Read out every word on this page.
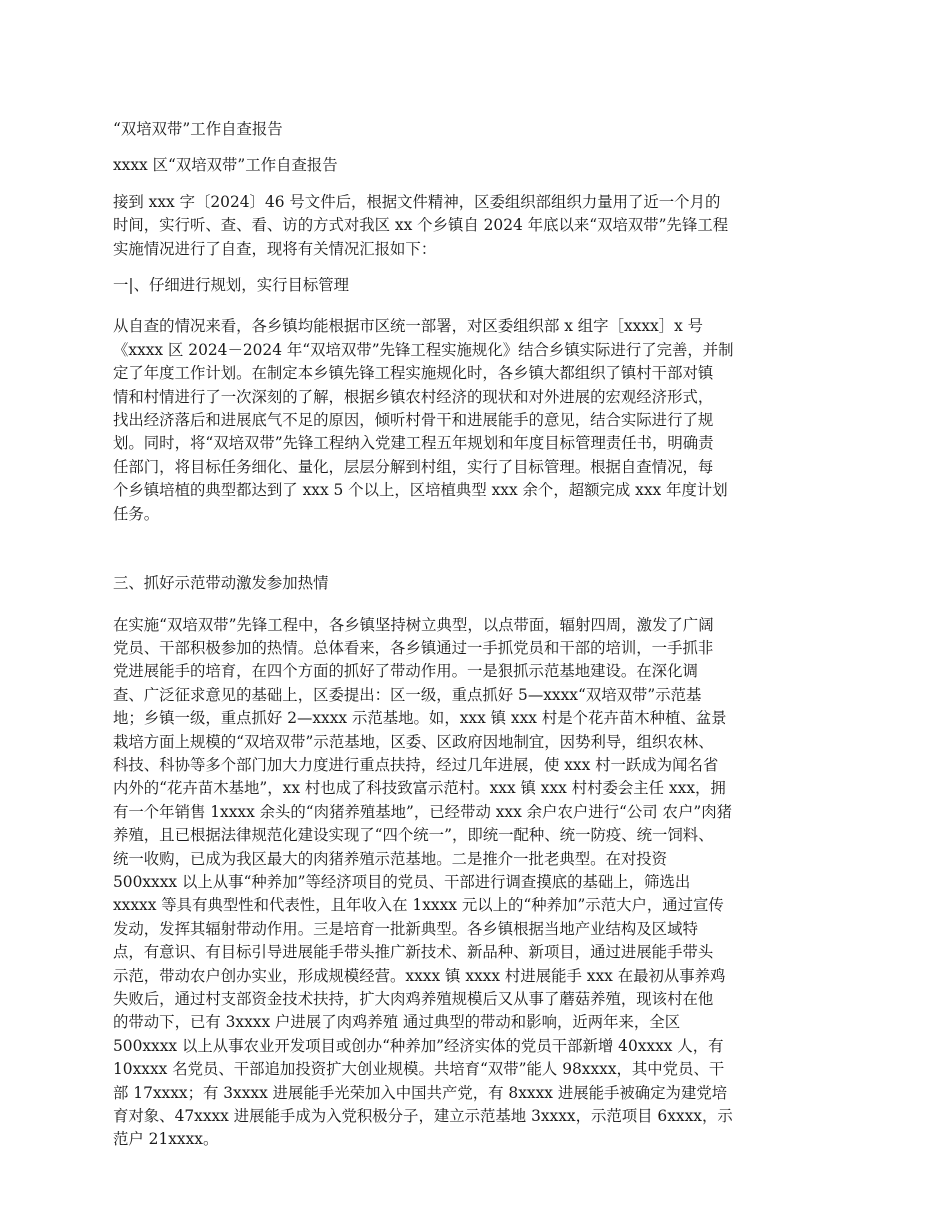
“双培双带”工作自查报告

xxxx 区“双培双带”工作自查报告

接到 xxx 字〔2024〕46 号文件后，根据文件精神，区委组织部组织力量用了近一个月的
时间，实行听、查、看、访的方式对我区 xx 个乡镇自 2024 年底以来“双培双带”先锋工程
实施情况进行了自查，现将有关情况汇报如下：

一|、仔细进行规划，实行目标管理

从自查的情况来看，各乡镇均能根据市区统一部署，对区委组织部 x 组字［xxxx］x 号
《xxxx 区 2024－2024 年“双培双带”先锋工程实施规化》结合乡镇实际进行了完善，并制
定了年度工作计划。在制定本乡镇先锋工程实施规化时，各乡镇大都组织了镇村干部对镇
情和村情进行了一次深刻的了解，根据乡镇农村经济的现状和对外进展的宏观经济形式，
找出经济落后和进展底气不足的原因，倾听村骨干和进展能手的意见，结合实际进行了规
划。同时，将“双培双带”先锋工程纳入党建工程五年规划和年度目标管理责任书，明确责
任部门，将目标任务细化、量化，层层分解到村组，实行了目标管理。根据自查情况，每
个乡镇培植的典型都达到了 xxx 5 个以上，区培植典型 xxx 余个，超额完成 xxx 年度计划
任务。

三、抓好示范带动激发参加热情

在实施“双培双带”先锋工程中，各乡镇坚持树立典型，以点带面，辐射四周，激发了广阔
党员、干部积极参加的热情。总体看来，各乡镇通过一手抓党员和干部的培训，一手抓非
党进展能手的培育，在四个方面的抓好了带动作用。一是狠抓示范基地建设。在深化调
查、广泛征求意见的基础上，区委提出：区一级，重点抓好 5—xxxx“双培双带”示范基
地；乡镇一级，重点抓好 2—xxxx 示范基地。如，xxx 镇 xxx 村是个花卉苗木种植、盆景
栽培方面上规模的“双培双带”示范基地，区委、区政府因地制宜，因势利导，组织农林、
科技、科协等多个部门加大力度进行重点扶持，经过几年进展，使 xxx 村一跃成为闻名省
内外的“花卉苗木基地”，xx 村也成了科技致富示范村。xxx 镇 xxx 村村委会主任 xxx，拥
有一个年销售 1xxxx 余头的“肉猪养殖基地”，已经带动 xxx 余户农户进行“公司 农户”肉猪
养殖，且已根据法律规范化建设实现了“四个统一”，即统一配种、统一防疫、统一饲料、
统一收购，已成为我区最大的肉猪养殖示范基地。二是推介一批老典型。在对投资
500xxxx 以上从事“种养加”等经济项目的党员、干部进行调查摸底的基础上，筛选出
xxxxx 等具有典型性和代表性，且年收入在 1xxxx 元以上的“种养加”示范大户，通过宣传
发动，发挥其辐射带动作用。三是培育一批新典型。各乡镇根据当地产业结构及区域特
点，有意识、有目标引导进展能手带头推广新技术、新品种、新项目，通过进展能手带头
示范，带动农户创办实业，形成规模经营。xxxx 镇 xxxx 村进展能手 xxx 在最初从事养鸡
失败后，通过村支部资金技术扶持，扩大肉鸡养殖规模后又从事了蘑菇养殖，现该村在他
的带动下，已有 3xxxx 户进展了肉鸡养殖 通过典型的带动和影响，近两年来，全区
500xxxx 以上从事农业开发项目或创办“种养加”经济实体的党员干部新增 40xxxx 人，有
10xxxx 名党员、干部追加投资扩大创业规模。共培育“双带”能人 98xxxx，其中党员、干
部 17xxxx；有 3xxxx 进展能手光荣加入中国共产党，有 8xxxx 进展能手被确定为建党培
育对象、47xxxx 进展能手成为入党积极分子，建立示范基地 3xxxx，示范项目 6xxxx，示
范户 21xxxx。
